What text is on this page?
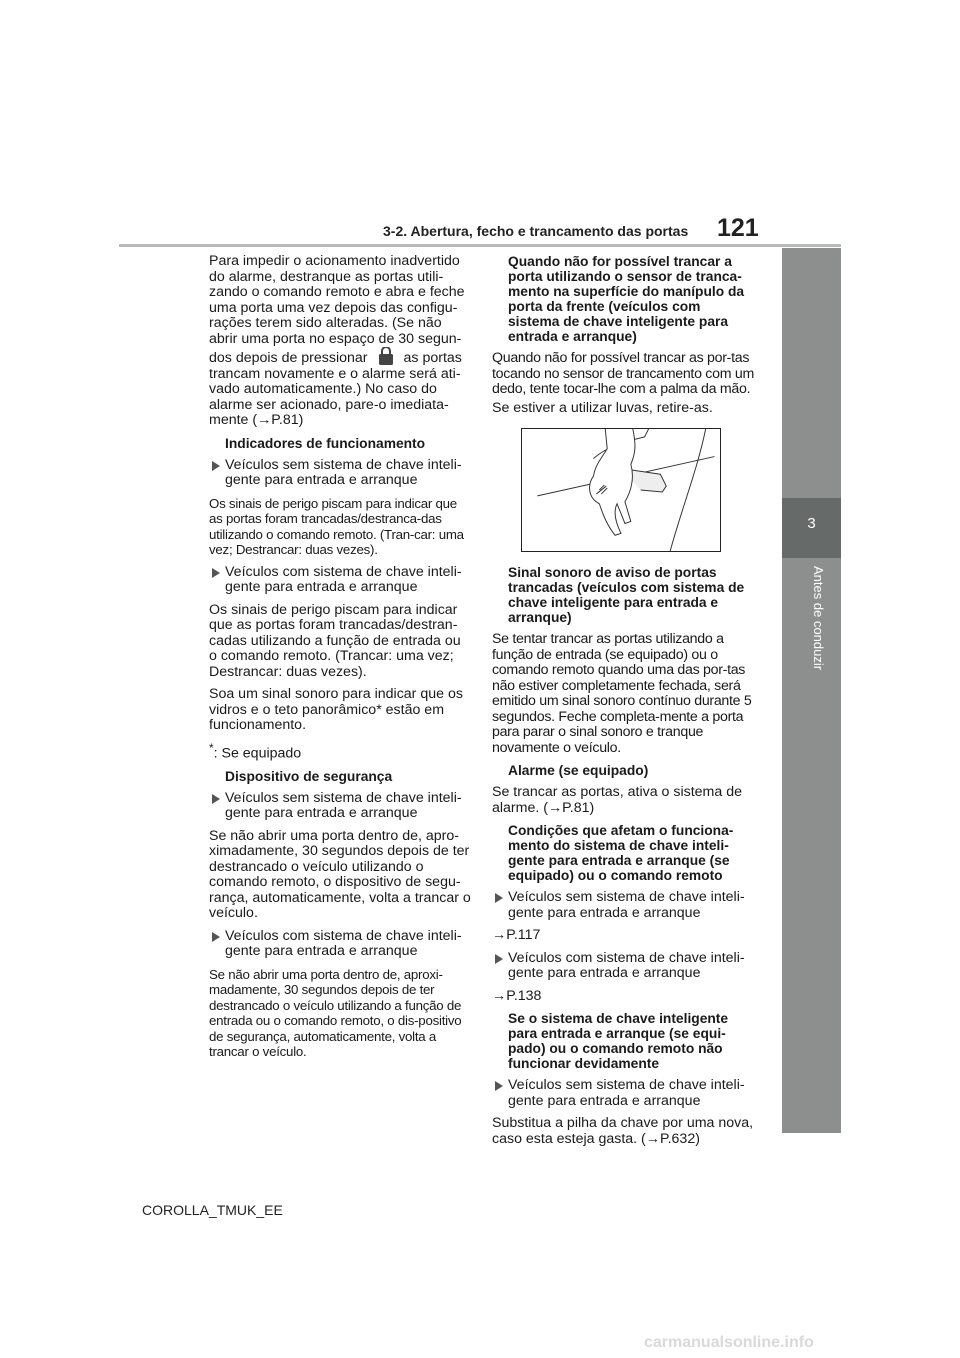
3-2. Abertura, fecho e trancamento das portas 121
3
Antes de conduzir

Para impedir o acionamento inadvertido do alarme, destranque as portas utili-zando o comando remoto e abra e feche uma porta uma vez depois das configu-rações terem sido alteradas. (Se não abrir uma porta no espaço de 30 segun-dos depois de pressionar	as portas trancam novamente e o alarme será ati-vado automaticamente.) No caso do alarme ser acionado, pare-o imediata-mente (→P.81)

Indicadores de funcionamento
Veículos sem sistema de chave inteli-gente para entrada e arranque

Os sinais de perigo piscam para indicar que as portas foram trancadas/destranca-das utilizando o comando remoto. (Tran-car: uma vez; Destrancar: duas vezes).

Veículos com sistema de chave inteli-gente para entrada e arranque

Os sinais de perigo piscam para indicar que as portas foram trancadas/destran-cadas utilizando a função de entrada ou o comando remoto. (Trancar: uma vez; Destrancar: duas vezes).

Soa um sinal sonoro para indicar que os vidros e o teto panorâmico* estão em funcionamento.

*: Se equipado

Dispositivo de segurança
Veículos sem sistema de chave inteli-gente para entrada e arranque

Se não abrir uma porta dentro de, apro-ximadamente, 30 segundos depois de ter destrancado o veículo utilizando o comando remoto, o dispositivo de segu-rança, automaticamente, volta a trancar o veículo.

Veículos com sistema de chave inteli-gente para entrada e arranque

Se não abrir uma porta dentro de, aproxi-madamente, 30 segundos depois de ter destrancado o veículo utilizando a função de entrada ou o comando remoto, o dis-positivo de segurança, automaticamente, volta a trancar o veículo.

Quando não for possível trancar a porta utilizando o sensor de tranca-mento na superfície do manípulo da porta da frente (veículos com sistema de chave inteligente para entrada e arranque)

Quando não for possível trancar as por-tas tocando no sensor de trancamento com um dedo, tente tocar-lhe com a palma da mão.

Se estiver a utilizar luvas, retire-as.

Sinal sonoro de aviso de portas trancadas (veículos com sistema de chave inteligente para entrada e arranque)

Se tentar trancar as portas utilizando a função de entrada (se equipado) ou o comando remoto quando uma das por-tas não estiver completamente fechada, será emitido um sinal sonoro contínuo durante 5 segundos. Feche completa-mente a porta para parar o sinal sonoro e tranque novamente o veículo.

Alarme (se equipado)

Se trancar as portas, ativa o sistema de alarme. (→P.81)

Condições que afetam o funciona-mento do sistema de chave inteli-gente para entrada e arranque (se equipado) ou o comando remoto
Veículos sem sistema de chave inteli-gente para entrada e arranque

→P.117

Veículos com sistema de chave inteli-gente para entrada e arranque

→P.138

Se o sistema de chave inteligente para entrada e arranque (se equi-pado) ou o comando remoto não funcionar devidamente
Veículos sem sistema de chave inteli-gente para entrada e arranque

Substitua a pilha da chave por uma nova, caso esta esteja gasta. (→P.632)

COROLLA_TMUK_EE
carmanualsonline.info
